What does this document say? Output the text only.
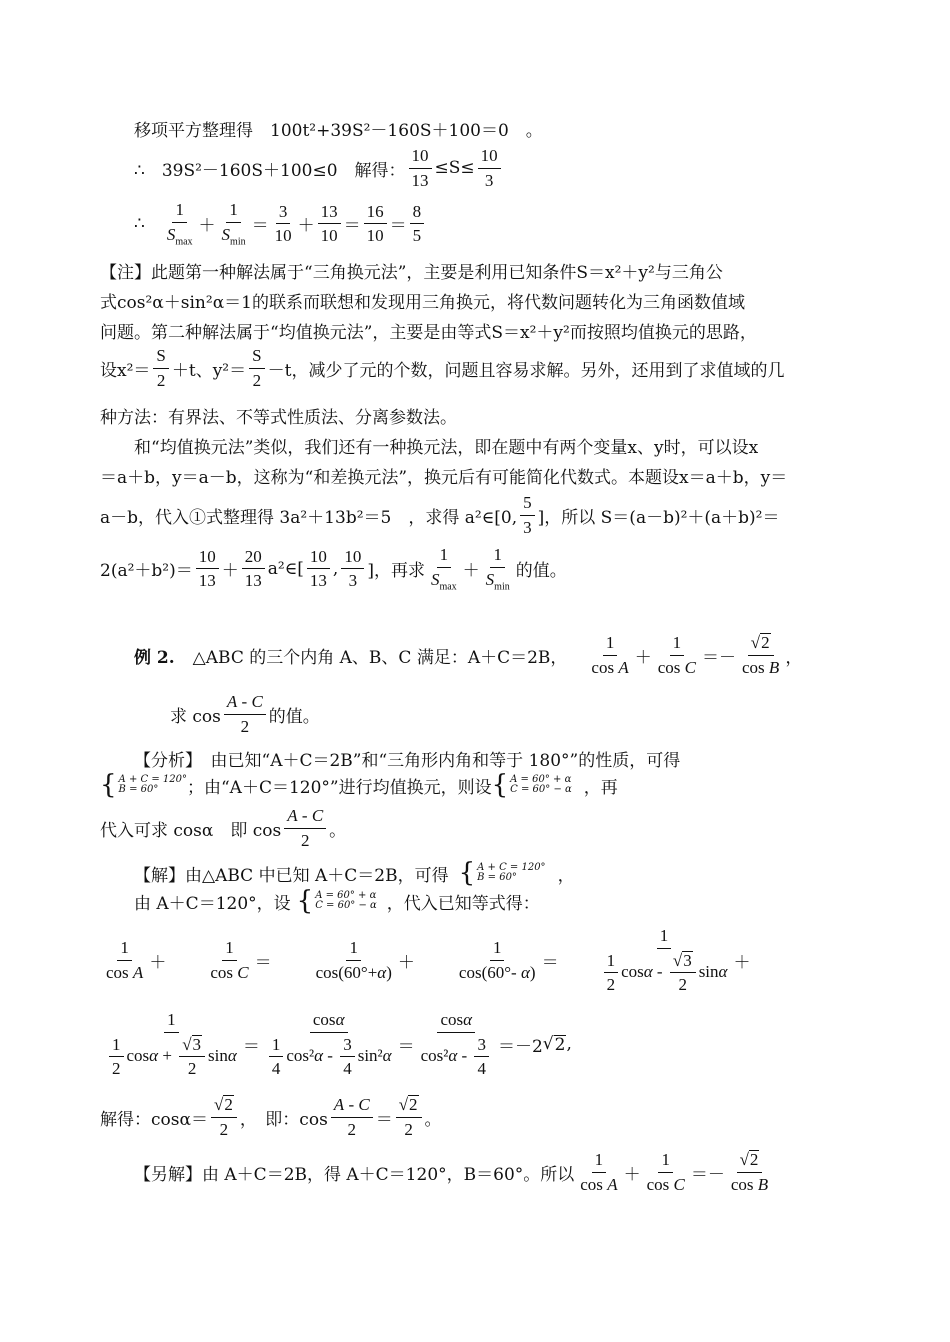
移项平方整理得　100t²+39S²－160S＋100＝0　。
∴　39S²－160S＋100≤0　解得： $\frac{10}{13} \le S\le \frac{10}{3}$
∴ $\frac{1}{S_{max}} + \frac{1}{S_{min}} = \frac{3}{10} + \frac{13}{10} = \frac{16}{10} = \frac{8}{5}$
【注】此题第一种解法属于“三角换元法”，主要是利用已知条件S＝x²＋y²与三角公
式cos²α＋sin²α＝1的联系而联想和发现用三角换元，将代数问题转化为三角函数值域
问题。第二种解法属于“均值换元法”，主要是由等式S＝x²＋y²而按照均值换元的思路，
设$x^2= \frac{S}{2} +t$、$y^2= \frac{S}{2} -t$，减少了元的个数，问题且容易求解。另外，还用到了求值域的几
种方法：有界法、不等式性质法、分离参数法。
和“均值换元法”类似，我们还有一种换元法，即在题中有两个变量x、y时，可以设x
＝a＋b，y＝a－b，这称为“和差换元法”，换元后有可能简化代数式。本题设x＝a＋b，y＝
a－b，代入①式整理得 3a²＋13b²＝5　，求得 a²∈[0, $\frac{5}{3}$ ]，所以 S＝(a－b)²＋(a＋b)²＝
$2(a^2+b^2)= \frac{10}{13} + \frac{20}{13}$ a²∈[ $\frac{10}{13}$ , $\frac{10}{3}$ ]，再求 $\frac{1}{S_{max}} + \frac{1}{S_{min}}$ 的值。
例 2. △ABC 的三个内角 A、B、C 满足：A＋C＝2B， $\frac{1}{\text{cos A}} + \frac{1}{\text{cos C}} =- \frac{√ 2}{\text{cos B}}$ ，
求 $\cos \frac{A - C}{2}$ 的值。
【分析】　由已知“A＋C＝2B”和“三角形内角和等于 180°”的性质，可得
{ A + C = 120°
B = 60°	；由“A＋C＝120°”进行均值换元，则设 { A = 60° + α
C = 60° − α ，再
代入可求 cosα　即 $\cos \frac{A - C}{2}$ 。
【解】由△ABC 中已知 A＋C＝2B，可得 { A + C = 120°
B = 60°	，
由 A＋C＝120°，设 { A = 60° + α
C = 60° − α ，代入已知等式得：
$\frac{1}{\text{cos A}} + \frac{1}{\text{cos C}} = \frac{1}{\cos(60^\circ+\alpha)} + \frac{1}{\cos(60^\circ- \alpha)} = \frac{1}{\frac{1}{2} \cos\alpha - \frac{√ 3}{2} \sin\alpha}$ ＋
$\frac{1}{\frac{1}{2} \cos\alpha + \frac{√ 3}{2} \sin\alpha} = \frac{\cos\alpha}{\frac{1}{4} \cos^2\alpha - \frac{3}{4} \sin^2\alpha} = \frac{\cos\alpha}{\cos^2\alpha - \frac{3}{4}} =-2$ √ 2 ,
解得：$\cos\alpha= \frac{√ 2}{2}$ ，　即：$\cos \frac{A - C}{2} = \frac{√ 2}{2}$ 。
【另解】由 A＋C＝2B，得 A＋C＝120°，B＝60°。所以 $\frac{1}{\text{cos A}} + \frac{1}{\text{cos C}} =- \frac{√ 2}{\text{cos B}}$
